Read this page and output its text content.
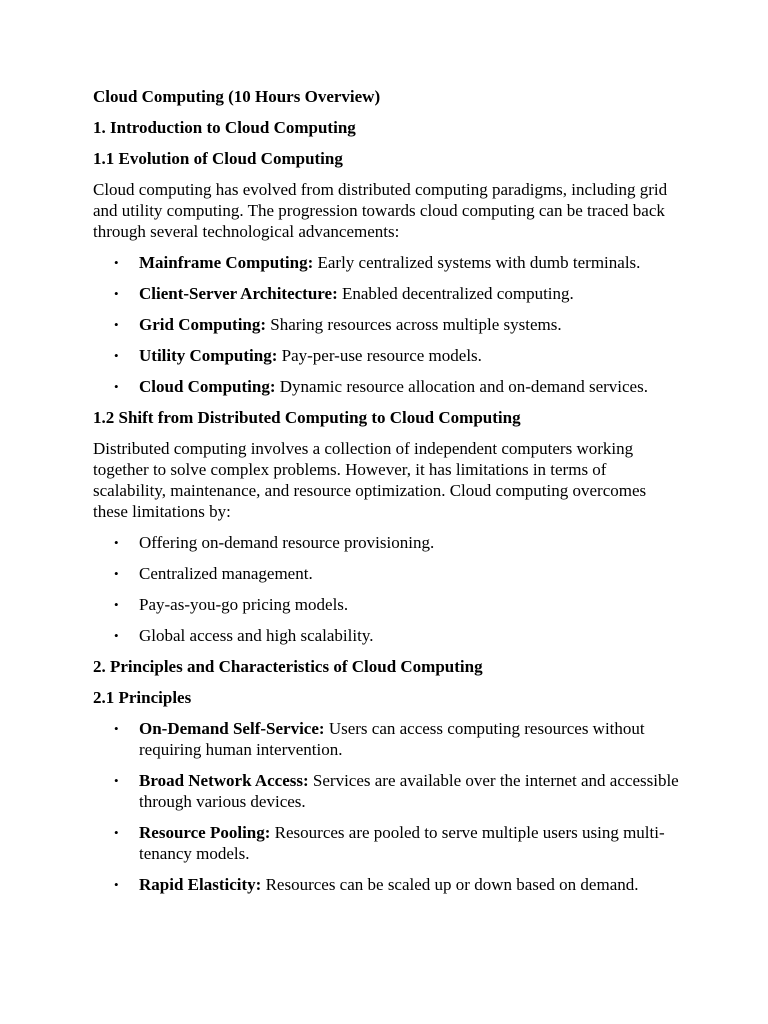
Cloud Computing (10 Hours Overview)
1. Introduction to Cloud Computing
1.1 Evolution of Cloud Computing
Cloud computing has evolved from distributed computing paradigms, including grid and utility computing. The progression towards cloud computing can be traced back through several technological advancements:
• Mainframe Computing: Early centralized systems with dumb terminals.
• Client-Server Architecture: Enabled decentralized computing.
• Grid Computing: Sharing resources across multiple systems.
• Utility Computing: Pay-per-use resource models.
• Cloud Computing: Dynamic resource allocation and on-demand services.
1.2 Shift from Distributed Computing to Cloud Computing
Distributed computing involves a collection of independent computers working together to solve complex problems. However, it has limitations in terms of scalability, maintenance, and resource optimization. Cloud computing overcomes these limitations by:
• Offering on-demand resource provisioning.
• Centralized management.
• Pay-as-you-go pricing models.
• Global access and high scalability.
2. Principles and Characteristics of Cloud Computing
2.1 Principles
• On-Demand Self-Service: Users can access computing resources without requiring human intervention.
• Broad Network Access: Services are available over the internet and accessible through various devices.
• Resource Pooling: Resources are pooled to serve multiple users using multi-tenancy models.
• Rapid Elasticity: Resources can be scaled up or down based on demand.
